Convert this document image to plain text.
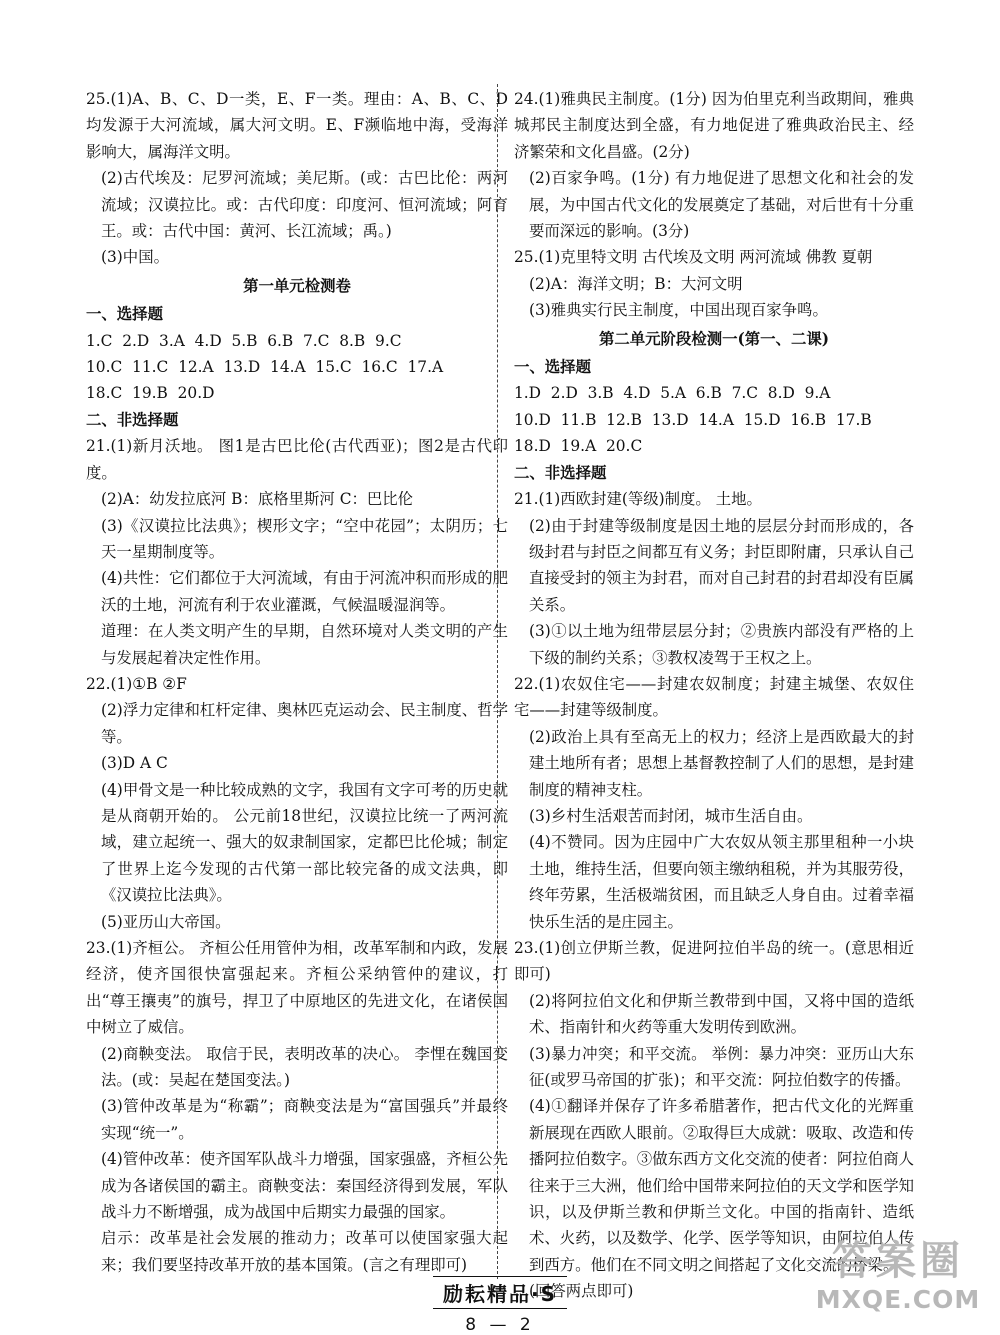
25.(1)A、B、C、D一类，E、F一类。理由：A、B、C、D均发源于大河流域，属大河文明。E、F濒临地中海，受海洋影响大，属海洋文明。

(2)古代埃及：尼罗河流域；美尼斯。(或：古巴比伦：两河流域；汉谟拉比。或：古代印度：印度河、恒河流域；阿育王。或：古代中国：黄河、长江流域；禹。)

(3)中国。

第一单元检测卷

一、选择题

1.C  2.D  3.A  4.D  5.B  6.B  7.C  8.B  9.C

10.C  11.C  12.A  13.D  14.A  15.C  16.C  17.A

18.C  19.B  20.D

二、非选择题

21.(1)新月沃地。 图1是古巴比伦(古代西亚)；图2是古代印度。

(2)A：幼发拉底河 B：底格里斯河 C：巴比伦

(3)《汉谟拉比法典》；楔形文字；“空中花园”；太阴历；七天一星期制度等。

(4)共性：它们都位于大河流域，有由于河流冲积而形成的肥沃的土地，河流有利于农业灌溉，气候温暖湿润等。

道理：在人类文明产生的早期，自然环境对人类文明的产生与发展起着决定性作用。

22.(1)①B ②F

(2)浮力定律和杠杆定律、奥林匹克运动会、民主制度、哲学等。

(3)D A C

(4)甲骨文是一种比较成熟的文字，我国有文字可考的历史就是从商朝开始的。 公元前18世纪，汉谟拉比统一了两河流域，建立起统一、强大的奴隶制国家，定都巴比伦城；制定了世界上迄今发现的古代第一部比较完备的成文法典，即《汉谟拉比法典》。

(5)亚历山大帝国。

23.(1)齐桓公。 齐桓公任用管仲为相，改革军制和内政，发展经济，使齐国很快富强起来。齐桓公采纳管仲的建议，打出“尊王攘夷”的旗号，捍卫了中原地区的先进文化，在诸侯国中树立了威信。

(2)商鞅变法。 取信于民，表明改革的决心。 李悝在魏国变法。(或：吴起在楚国变法。)

(3)管仲改革是为“称霸”；商鞅变法是为“富国强兵”并最终实现“统一”。

(4)管仲改革：使齐国军队战斗力增强，国家强盛，齐桓公先成为各诸侯国的霸主。商鞅变法：秦国经济得到发展，军队战斗力不断增强，成为战国中后期实力最强的国家。

启示：改革是社会发展的推动力；改革可以使国家强大起来；我们要坚持改革开放的基本国策。(言之有理即可)

24.(1)雅典民主制度。(1分) 因为伯里克利当政期间，雅典城邦民主制度达到全盛，有力地促进了雅典政治民主、经济繁荣和文化昌盛。(2分)

(2)百家争鸣。(1分) 有力地促进了思想文化和社会的发展，为中国古代文化的发展奠定了基础，对后世有十分重要而深远的影响。(3分)

25.(1)克里特文明 古代埃及文明 两河流域 佛教 夏朝

(2)A：海洋文明；B：大河文明

(3)雅典实行民主制度，中国出现百家争鸣。

第二单元阶段检测一(第一、二课)

一、选择题

1.D  2.D  3.B  4.D  5.A  6.B  7.C  8.D  9.A

10.D  11.B  12.B  13.D  14.A  15.D  16.B  17.B

18.D  19.A  20.C

二、非选择题

21.(1)西欧封建(等级)制度。 土地。

(2)由于封建等级制度是因土地的层层分封而形成的，各级封君与封臣之间都互有义务；封臣即附庸，只承认自己直接受封的领主为封君，而对自己封君的封君却没有臣属关系。

(3)①以土地为纽带层层分封；②贵族内部没有严格的上下级的制约关系；③教权凌驾于王权之上。

22.(1)农奴住宅——封建农奴制度；封建主城堡、农奴住宅——封建等级制度。

(2)政治上具有至高无上的权力；经济上是西欧最大的封建土地所有者；思想上基督教控制了人们的思想，是封建制度的精神支柱。

(3)乡村生活艰苦而封闭，城市生活自由。

(4)不赞同。因为庄园中广大农奴从领主那里租种一小块土地，维持生活，但要向领主缴纳租税，并为其服劳役，终年劳累，生活极端贫困，而且缺乏人身自由。过着幸福快乐生活的是庄园主。

23.(1)创立伊斯兰教，促进阿拉伯半岛的统一。(意思相近即可)

(2)将阿拉伯文化和伊斯兰教带到中国，又将中国的造纸术、指南针和火药等重大发明传到欧洲。

(3)暴力冲突；和平交流。 举例：暴力冲突：亚历山大东征(或罗马帝国的扩张)；和平交流：阿拉伯数字的传播。

(4)①翻译并保存了许多希腊著作，把古代文化的光辉重新展现在西欧人眼前。②取得巨大成就：吸取、改造和传播阿拉伯数字。③做东西方文化交流的使者：阿拉伯商人往来于三大洲，他们给中国带来阿拉伯的天文学和医学知识，以及伊斯兰教和伊斯兰文化。中国的指南针、造纸术、火药，以及数学、化学、医学等知识，由阿拉伯人传到西方。他们在不同文明之间搭起了文化交流的桥梁。

(回答两点即可)

励耘精品·S
8 — 2
答案圈
MXQE.COM
